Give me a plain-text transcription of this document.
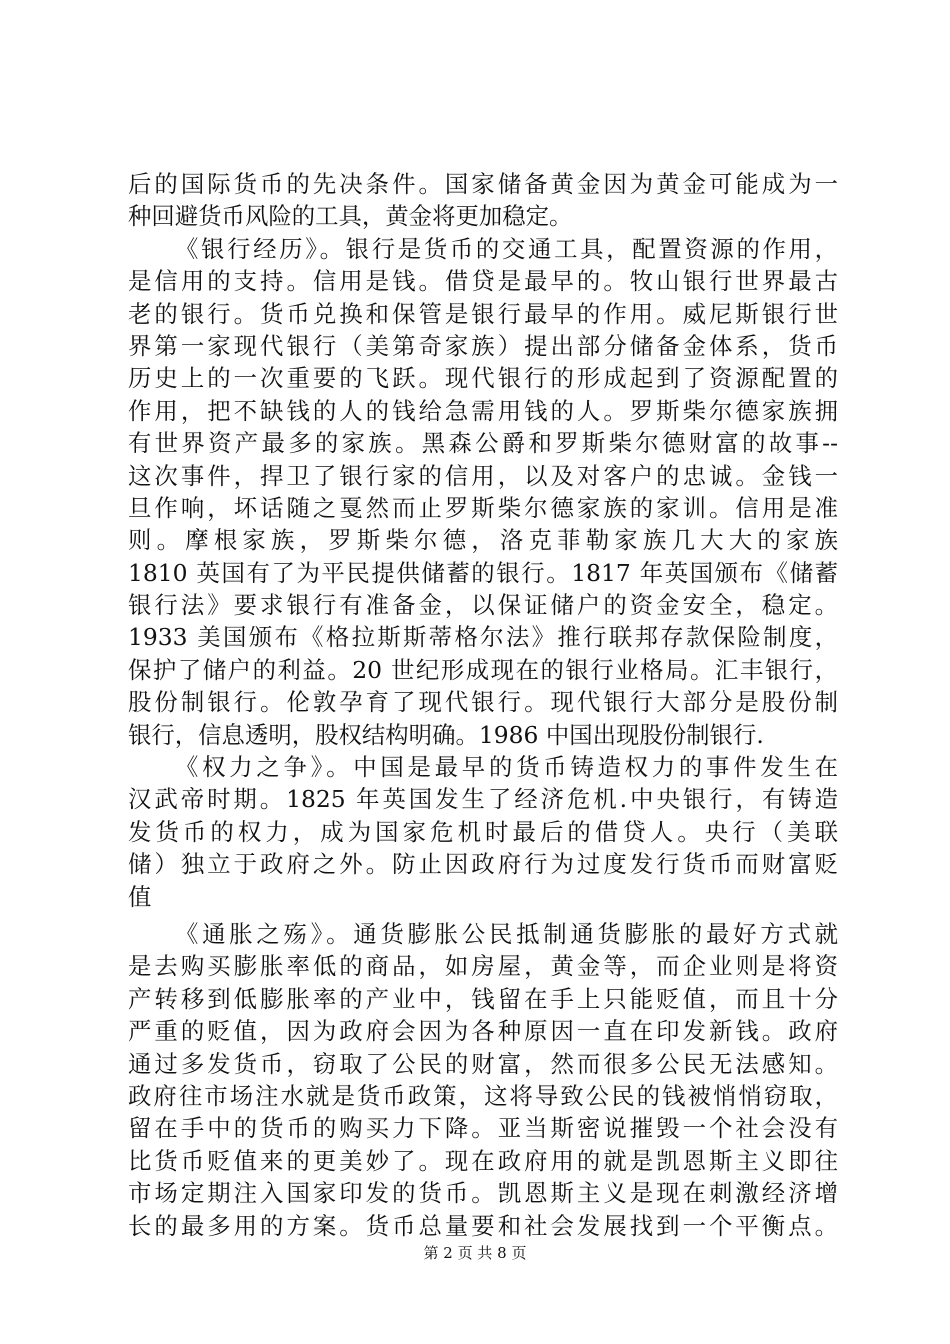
后的国际货币的先决条件。国家储备黄金因为黄金可能成为一
种回避货币风险的工具，黄金将更加稳定。
《银行经历》。银行是货币的交通工具，配置资源的作用，
是信用的支持。信用是钱。借贷是最早的。牧山银行世界最古
老的银行。货币兑换和保管是银行最早的作用。威尼斯银行世
界第一家现代银行（美第奇家族）提出部分储备金体系，货币
历史上的一次重要的飞跃。现代银行的形成起到了资源配置的
作用，把不缺钱的人的钱给急需用钱的人。罗斯柴尔德家族拥
有世界资产最多的家族。黑森公爵和罗斯柴尔德财富的故事--
这次事件，捍卫了银行家的信用，以及对客户的忠诚。金钱一
旦作响，坏话随之戛然而止罗斯柴尔德家族的家训。信用是准
则。摩根家族，罗斯柴尔德，洛克菲勒家族几大大的家族
1810 英国有了为平民提供储蓄的银行。1817 年英国颁布《储蓄
银行法》要求银行有准备金，以保证储户的资金安全，稳定。
1933 美国颁布《格拉斯斯蒂格尔法》推行联邦存款保险制度，
保护了储户的利益。20 世纪形成现在的银行业格局。汇丰银行，
股份制银行。伦敦孕育了现代银行。现代银行大部分是股份制
银行，信息透明，股权结构明确。1986 中国出现股份制银行.
《权力之争》。中国是最早的货币铸造权力的事件发生在
汉武帝时期。1825 年英国发生了经济危机.中央银行，有铸造
发货币的权力，成为国家危机时最后的借贷人。央行（美联
储）独立于政府之外。防止因政府行为过度发行货币而财富贬
值
《通胀之殇》。通货膨胀公民抵制通货膨胀的最好方式就
是去购买膨胀率低的商品，如房屋，黄金等，而企业则是将资
产转移到低膨胀率的产业中，钱留在手上只能贬值，而且十分
严重的贬值，因为政府会因为各种原因一直在印发新钱。政府
通过多发货币，窃取了公民的财富，然而很多公民无法感知。
政府往市场注水就是货币政策，这将导致公民的钱被悄悄窃取，
留在手中的货币的购买力下降。亚当斯密说摧毁一个社会没有
比货币贬值来的更美妙了。现在政府用的就是凯恩斯主义即往
市场定期注入国家印发的货币。凯恩斯主义是现在刺激经济增
长的最多用的方案。货币总量要和社会发展找到一个平衡点。
第 2 页 共 8 页
